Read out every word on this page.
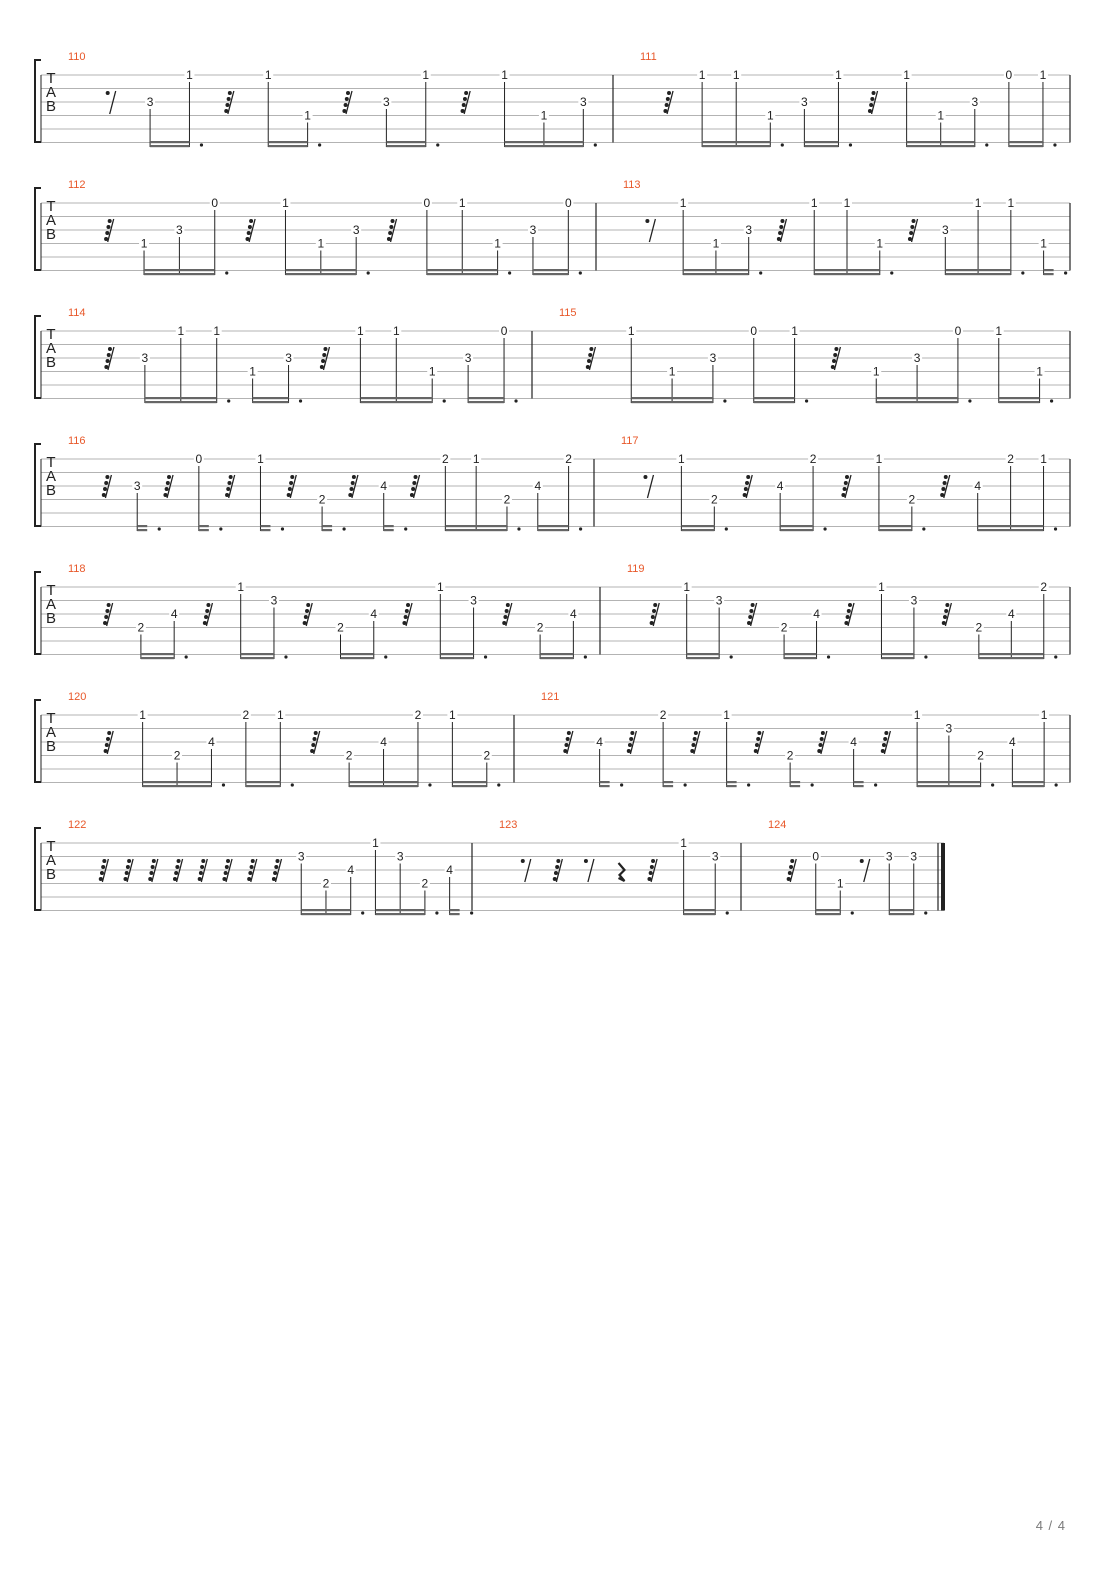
T
A
B
110
3
1	1
1
3
1	1
1
3
111
1 1
1
3
1	1
1
3
0 1
T
A
B
112
1
3
0	1
1
3
0 1
1
3
0
113
1
1
3
1 1
1
3
1 1
1
T
A
B
114
3
1 1
1
3
1 1
1
3
0
115
1
1
3
0	1
1
3
0	1
1
T
A
B
116
3
0	1
2
4
2 1
2
4
2
117
1
2
4
2	1
2
4
2 1
T
A
B
118
2
4
1
3
2
4
1
3
2
4
119
1
3
2
4
1
3
2
4
2
T
A
B
120
1
2
4
2 1
2
4
2 1
2
121
4
2	1
2
4
1
3
2
4
1
T
A
B
122
3
2
4
1
3
2
4
123
1
3
124
0
1
3 3
4 / 4
